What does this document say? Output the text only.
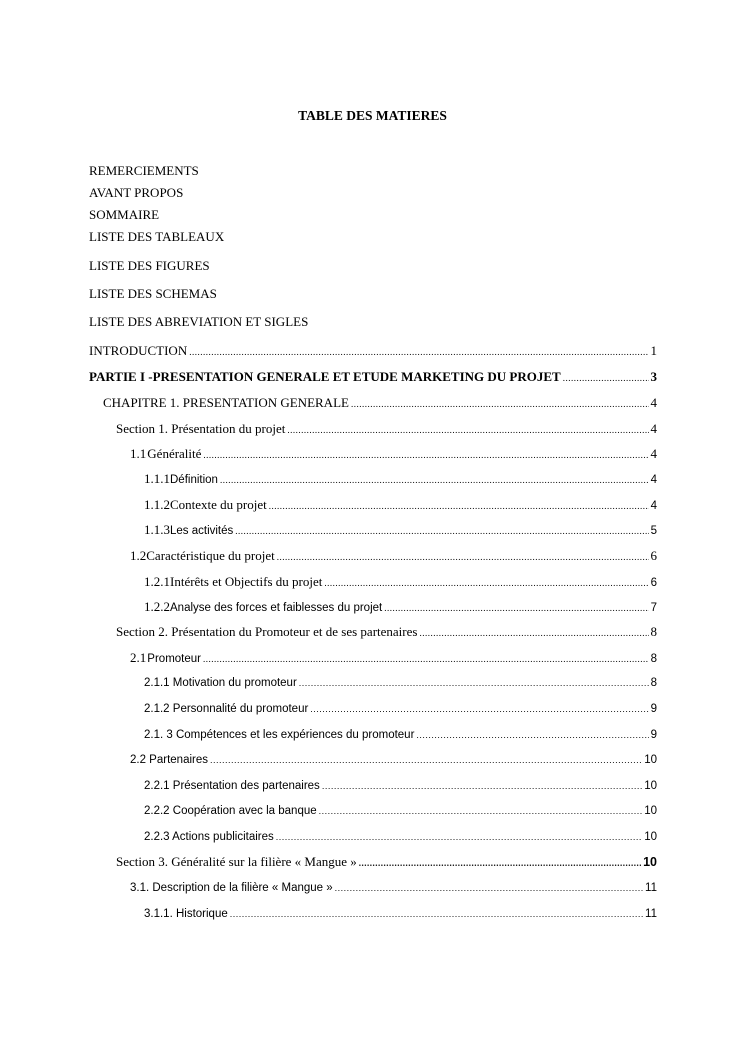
TABLE DES MATIERES
REMERCIEMENTS
AVANT PROPOS
SOMMAIRE
LISTE DES TABLEAUX
LISTE DES FIGURES
LISTE DES SCHEMAS
LISTE DES ABREVIATION ET SIGLES
INTRODUCTION .....	1
PARTIE I - PRESENTATION GENERALE ET ETUDE MARKETING DU PROJET .....	3
CHAPITRE 1. PRESENTATION GENERALE .....	4
Section 1. Présentation du projet .....	4
1.1 Généralité .....	4
1.1.1 Définition .....	4
1.1.2 Contexte du projet .....	4
1.1.3 Les activités .....	5
1.2 Caractéristique du projet .....	6
1.2.1 Intérêts et Objectifs du projet .....	6
1.2.2 Analyse des forces et faiblesses du projet .....	7
Section 2. Présentation du Promoteur et de ses partenaires .....	8
2.1 Promoteur .....	8
2.1.1 Motivation du promoteur .....	8
2.1.2 Personnalité du promoteur .....	9
2.1. 3 Compétences et les expériences du promoteur .....	9
2.2 Partenaires .....	10
2.2.1 Présentation des partenaires .....	10
2.2.2 Coopération avec la banque .....	10
2.2.3 Actions publicitaires .....	10
Section 3. Généralité sur la filière « Mangue » .....	10
3.1. Description de la filière « Mangue » .....	11
3.1.1. Historique .....	11
